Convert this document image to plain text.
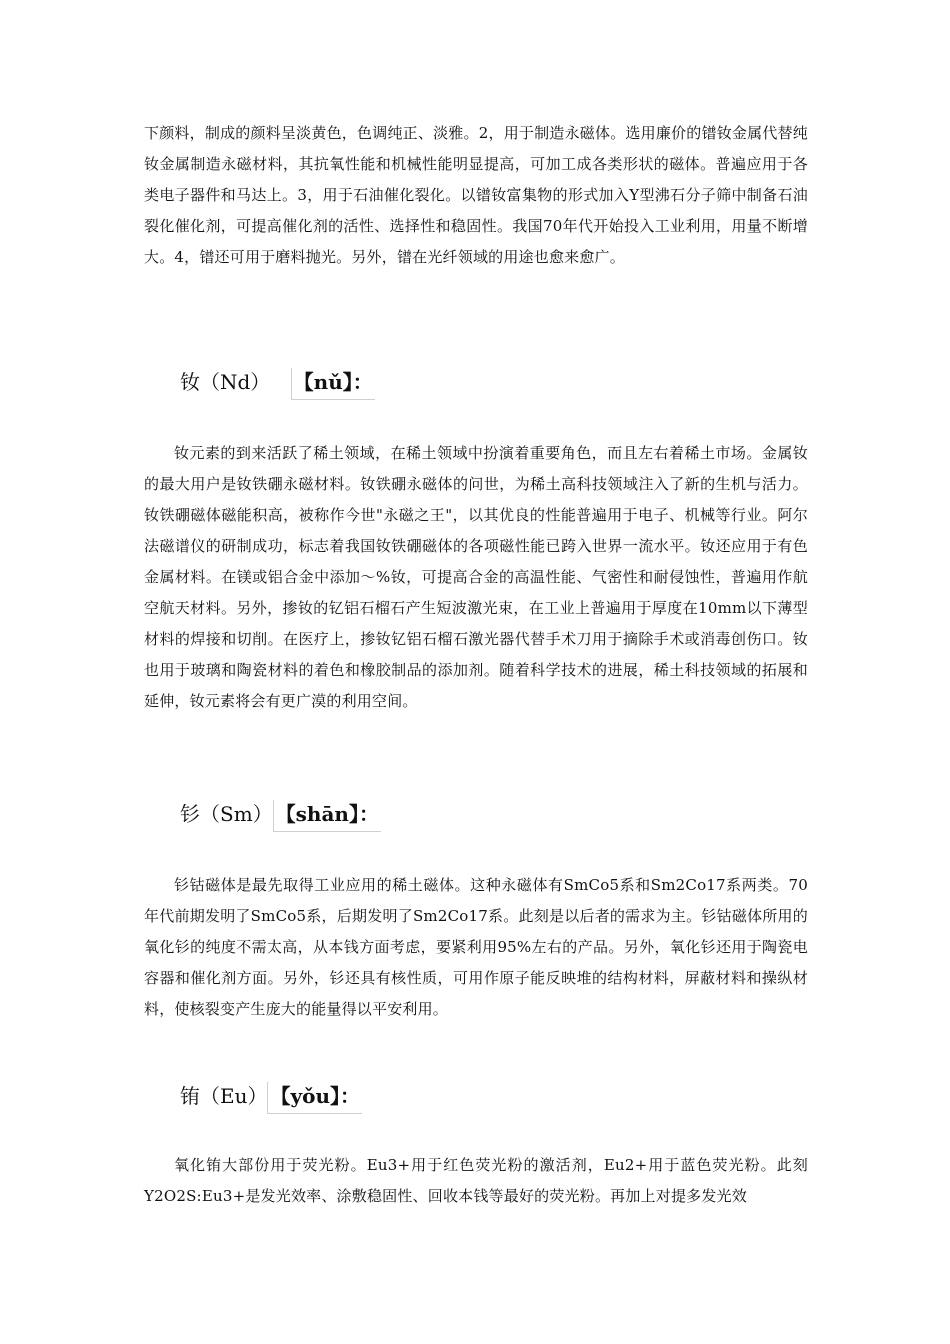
下颜料，制成的颜料呈淡黄色，色调纯正、淡雅。2，用于制造永磁体。选用廉价的镨钕金属代替纯钕金属制造永磁材料，其抗氧性能和机械性能明显提高，可加工成各类形状的磁体。普遍应用于各类电子器件和马达上。3，用于石油催化裂化。以镨钕富集物的形式加入Y型沸石分子筛中制备石油裂化催化剂，可提高催化剂的活性、选择性和稳固性。我国70年代开始投入工业利用，用量不断增大。4，镨还可用于磨料抛光。另外，镨在光纤领域的用途也愈来愈广。

钕（Nd） 【nǔ】：

钕元素的到来活跃了稀土领域，在稀土领域中扮演着重要角色，而且左右着稀土市场。金属钕的最大用户是钕铁硼永磁材料。钕铁硼永磁体的问世，为稀土高科技领域注入了新的生机与活力。钕铁硼磁体磁能积高，被称作今世"永磁之王"，以其优良的性能普遍用于电子、机械等行业。阿尔法磁谱仪的研制成功，标志着我国钕铁硼磁体的各项磁性能已跨入世界一流水平。钕还应用于有色金属材料。在镁或铝合金中添加～%钕，可提高合金的高温性能、气密性和耐侵蚀性，普遍用作航空航天材料。另外，掺钕的钇铝石榴石产生短波激光束，在工业上普遍用于厚度在10mm以下薄型材料的焊接和切削。在医疗上，掺钕钇铝石榴石激光器代替手术刀用于摘除手术或消毒创伤口。钕也用于玻璃和陶瓷材料的着色和橡胶制品的添加剂。随着科学技术的进展，稀土科技领域的拓展和延伸，钕元素将会有更广漠的利用空间。

钐（Sm） 【shān】：

钐钴磁体是最先取得工业应用的稀土磁体。这种永磁体有SmCo5系和Sm2Co17系两类。70年代前期发明了SmCo5系，后期发明了Sm2Co17系。此刻是以后者的需求为主。钐钴磁体所用的氧化钐的纯度不需太高，从本钱方面考虑，要紧利用95%左右的产品。另外，氧化钐还用于陶瓷电容器和催化剂方面。另外，钐还具有核性质，可用作原子能反映堆的结构材料，屏蔽材料和操纵材料，使核裂变产生庞大的能量得以平安利用。

铕（Eu） 【yǒu】：

氧化铕大部份用于荧光粉。Eu3+用于红色荧光粉的激活剂，Eu2+用于蓝色荧光粉。此刻Y2O2S:Eu3+是发光效率、涂敷稳固性、回收本钱等最好的荧光粉。再加上对提多发光效
